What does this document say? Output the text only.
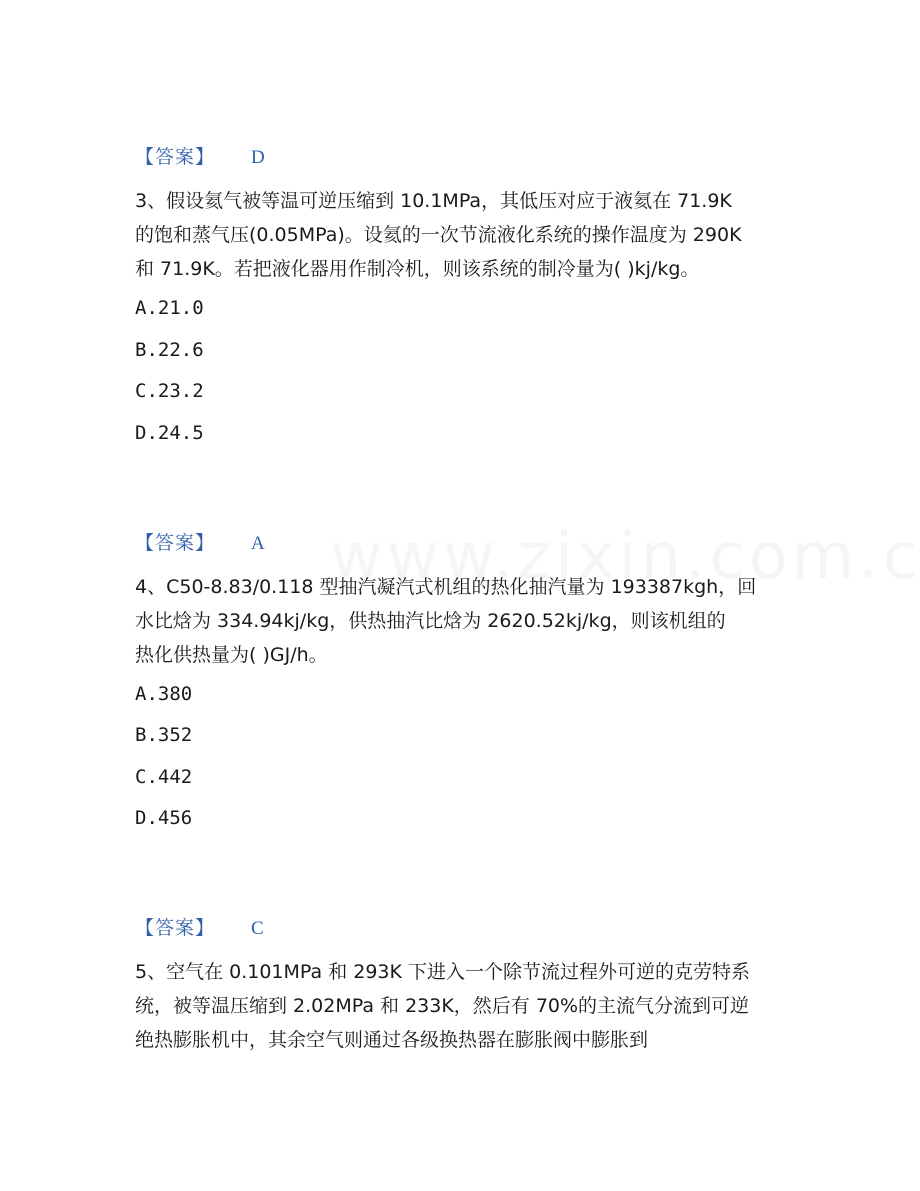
【答案】 D
3、假设氦气被等温可逆压缩到 10.1MPa，其低压对应于液氦在 71.9K
的饱和蒸气压(0.05MPa)。设氦的一次节流液化系统的操作温度为 290K
和 71.9K。若把液化器用作制冷机，则该系统的制冷量为( )kj/kg。
A.21.0
B.22.6
C.23.2
D.24.5
【答案】 A
4、C50-8.83/0.118 型抽汽凝汽式机组的热化抽汽量为 193387kgh，回
水比焓为 334.94kj/kg，供热抽汽比焓为 2620.52kj/kg，则该机组的
热化供热量为( )GJ/h。
A.380
B.352
C.442
D.456
【答案】 C
5、空气在 0.101MPa 和 293K 下进入一个除节流过程外可逆的克劳特系
统，被等温压缩到 2.02MPa 和 233K，然后有 70%的主流气分流到可逆
绝热膨胀机中，其余空气则通过各级换热器在膨胀阀中膨胀到
